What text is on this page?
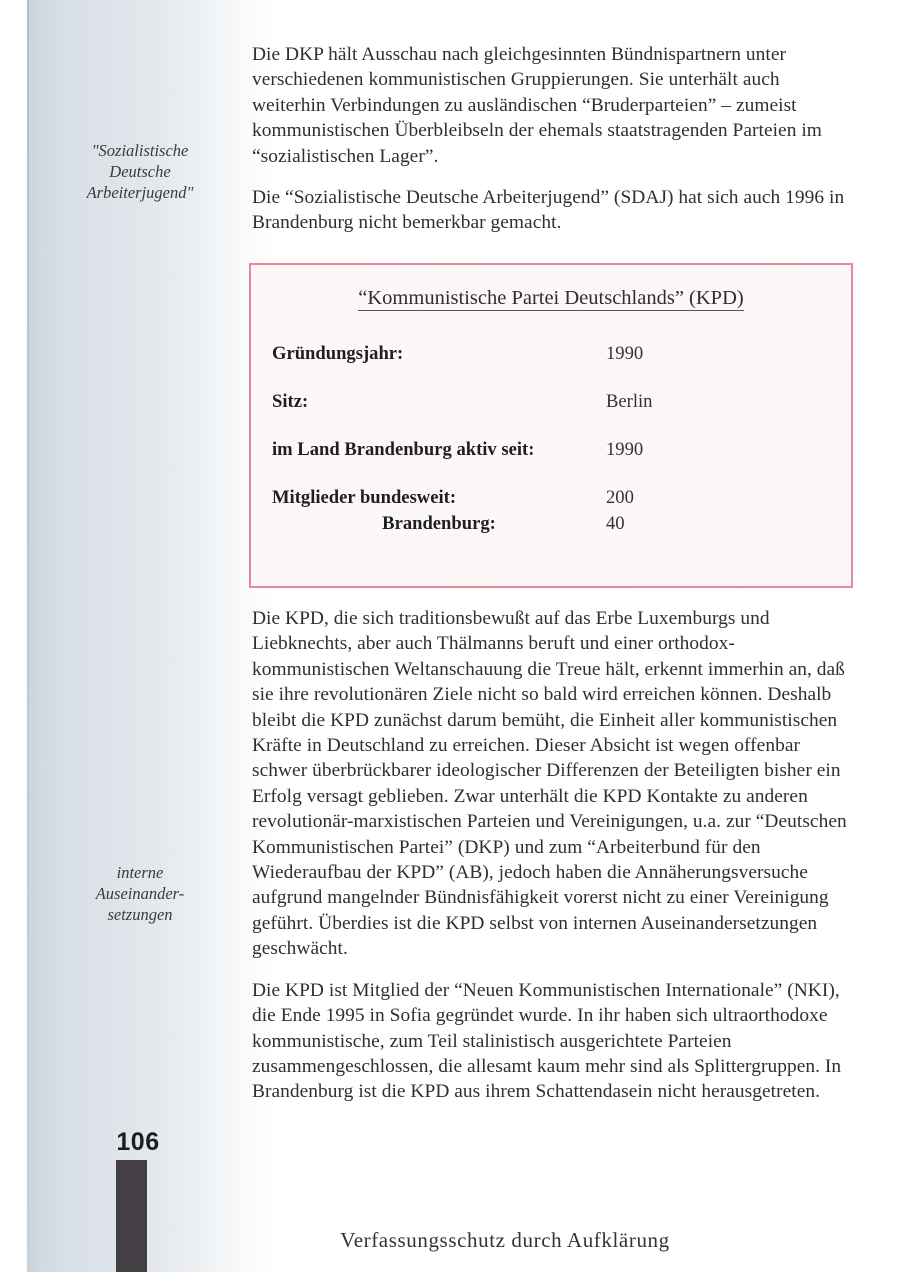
"Sozialistische
Deutsche
Arbeiterjugend"
interne
Auseinander-
setzungen
106

Die DKP hält Ausschau nach gleichgesinnten Bündnispartnern unter verschiedenen kommunistischen Gruppierungen. Sie unterhält auch weiterhin Verbindungen zu ausländischen “Bruderparteien” – zumeist kommunistischen Überbleibseln der ehemals staatstragenden Parteien im “sozialistischen Lager”.

Die “Sozialistische Deutsche Arbeiterjugend” (SDAJ) hat sich auch 1996 in Brandenburg nicht bemerkbar gemacht.

“Kommunistische Partei Deutschlands” (KPD)
Gründungsjahr:	1990
Sitz:	Berlin
im Land Brandenburg aktiv seit:	1990
Mitglieder bundesweit:	200
Brandenburg:	40

Die KPD, die sich traditionsbewußt auf das Erbe Luxemburgs und Liebknechts, aber auch Thälmanns beruft und einer orthodox-kommunistischen Weltanschauung die Treue hält, erkennt immerhin an, daß sie ihre revolutionären Ziele nicht so bald wird erreichen können. Deshalb bleibt die KPD zunächst darum bemüht, die Einheit aller kommunistischen Kräfte in Deutschland zu erreichen. Dieser Absicht ist wegen offenbar schwer überbrückbarer ideologischer Differenzen der Beteiligten bisher ein Erfolg versagt geblieben. Zwar unterhält die KPD Kontakte zu anderen revolutionär-marxistischen Parteien und Vereinigungen, u.a. zur “Deutschen Kommunistischen Partei” (DKP) und zum “Arbeiterbund für den Wiederaufbau der KPD” (AB), jedoch haben die Annäherungsversuche aufgrund mangelnder Bündnisfähigkeit vorerst nicht zu einer Vereinigung geführt. Überdies ist die KPD selbst von internen Auseinandersetzungen geschwächt.

Die KPD ist Mitglied der “Neuen Kommunistischen Internationale” (NKI), die Ende 1995 in Sofia gegründet wurde. In ihr haben sich ultraorthodoxe kommunistische, zum Teil stalinistisch ausgerichtete Parteien zusammengeschlossen, die allesamt kaum mehr sind als Splittergruppen. In Brandenburg ist die KPD aus ihrem Schattendasein nicht herausgetreten.

Verfassungsschutz durch Aufklärung
